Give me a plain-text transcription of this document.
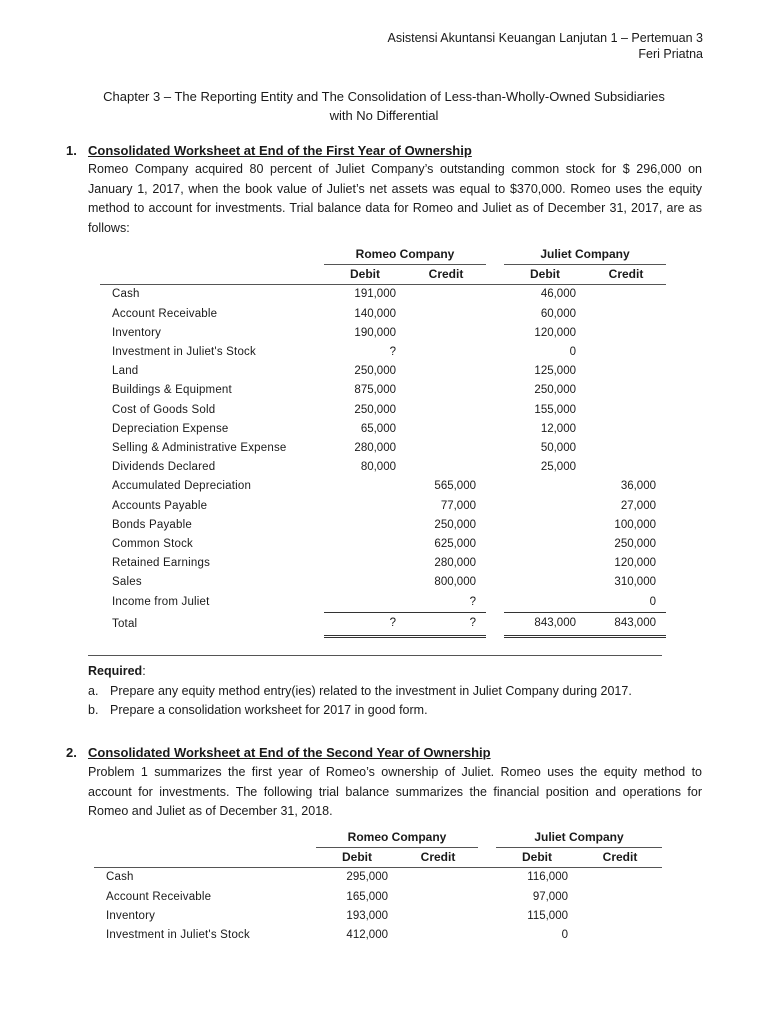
Asistensi Akuntansi Keuangan Lanjutan 1 – Pertemuan 3
Feri Priatna
Chapter 3 – The Reporting Entity and The Consolidation of Less-than-Wholly-Owned Subsidiaries
with No Differential
1. Consolidated Worksheet at End of the First Year of Ownership
Romeo Company acquired 80 percent of Juliet Company’s outstanding common stock for $ 296,000 on January 1, 2017, when the book value of Juliet’s net assets was equal to $370,000. Romeo uses the equity method to account for investments. Trial balance data for Romeo and Juliet as of December 31, 2017, are as follows:
	Romeo Company			Juliet Company	
	Debit	Credit		Debit	Credit
Cash	191,000			46,000	
Account Receivable	140,000			60,000	
Inventory	190,000			120,000	
Investment in Juliet's Stock	?			0	
Land	250,000			125,000	
Buildings & Equipment	875,000			250,000	
Cost of Goods Sold	250,000			155,000	
Depreciation Expense	65,000			12,000	
Selling & Administrative Expense	280,000			50,000	
Dividends Declared	80,000			25,000	
Accumulated Depreciation		565,000			36,000
Accounts Payable		77,000			27,000
Bonds Payable		250,000			100,000
Common Stock		625,000			250,000
Retained Earnings		280,000			120,000
Sales		800,000			310,000
Income from Juliet		?			0
Total	?	?		843,000	843,000
Required:
a. Prepare any equity method entry(ies) related to the investment in Juliet Company during 2017.
b. Prepare a consolidation worksheet for 2017 in good form.
2. Consolidated Worksheet at End of the Second Year of Ownership
Problem 1 summarizes the first year of Romeo’s ownership of Juliet. Romeo uses the equity method to account for investments. The following trial balance summarizes the financial position and operations for Romeo and Juliet as of December 31, 2018.
	Romeo Company			Juliet Company	
	Debit	Credit		Debit	Credit
Cash	295,000			116,000	
Account Receivable	165,000			97,000	
Inventory	193,000			115,000	
Investment in Juliet's Stock	412,000			0	
